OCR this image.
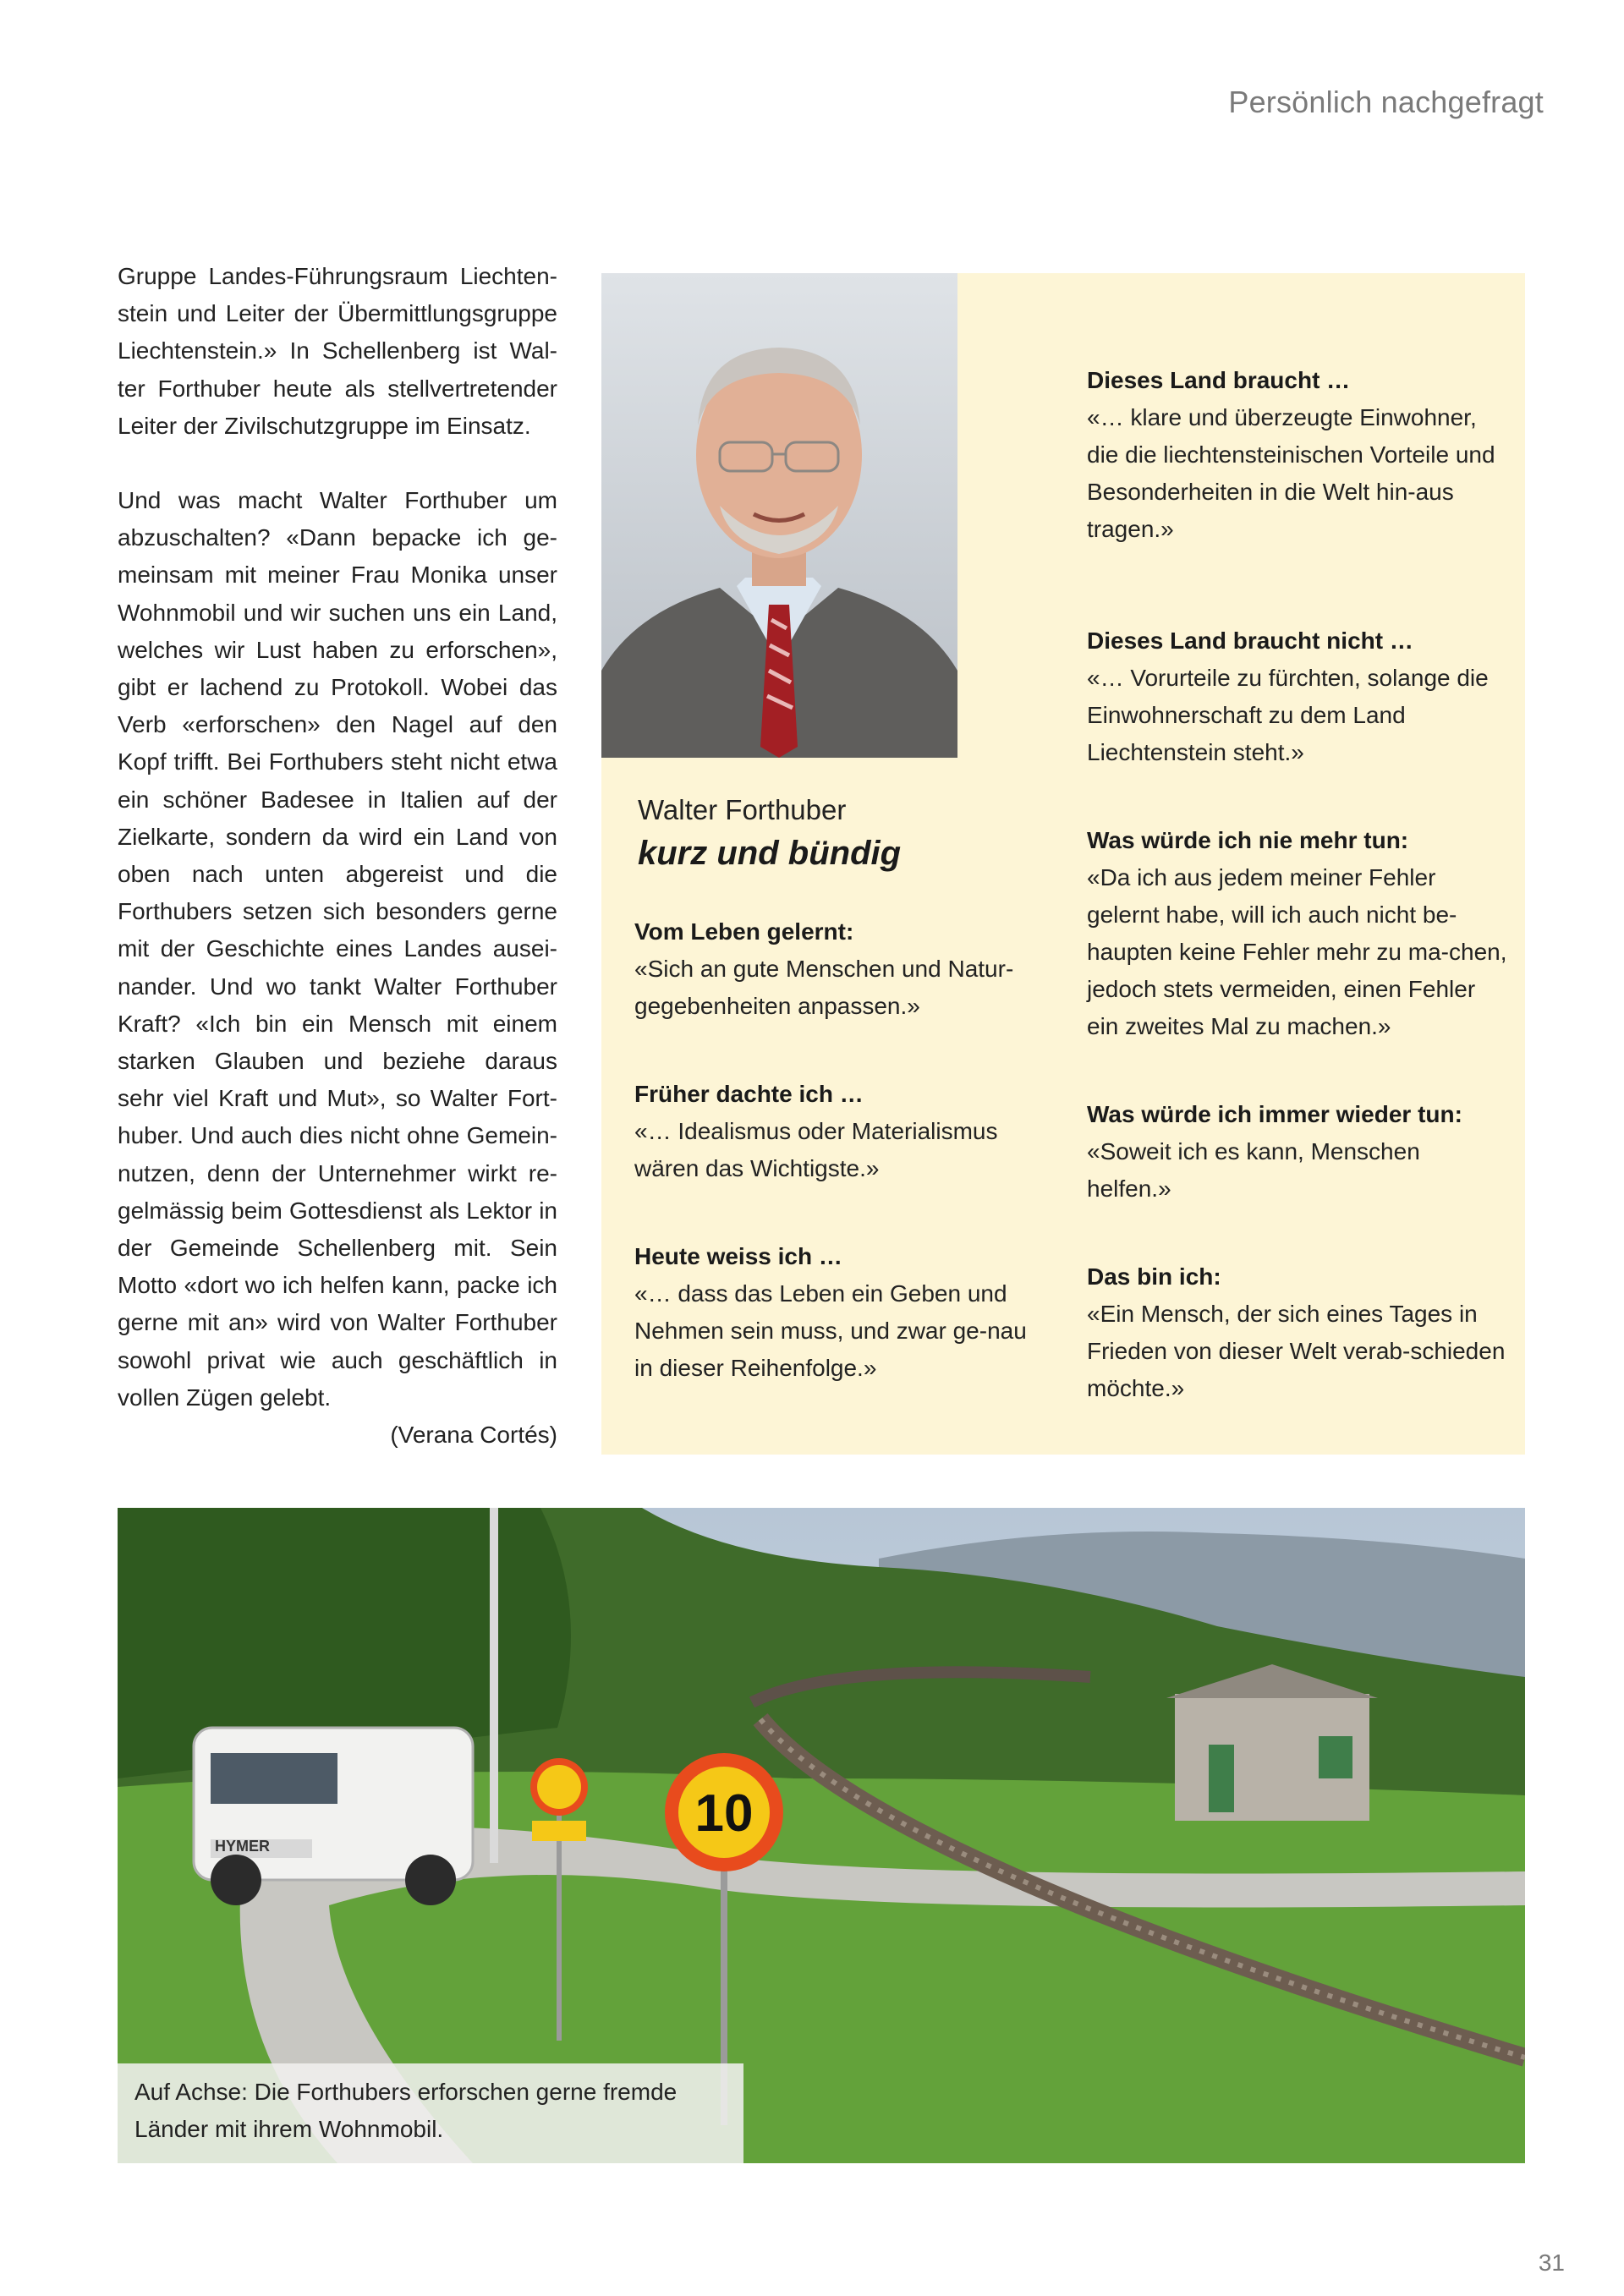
Persönlich nachgefragt

Gruppe Landes-Führungsraum Liechten-stein und Leiter der Übermittlungsgruppe Liechtenstein.» In Schellenberg ist Wal-ter Forthuber heute als stellvertretender Leiter der Zivilschutzgruppe im Einsatz.

Und was macht Walter Forthuber um abzuschalten? «Dann bepacke ich ge-meinsam mit meiner Frau Monika unser Wohnmobil und wir suchen uns ein Land, welches wir Lust haben zu erforschen», gibt er lachend zu Protokoll. Wobei das Verb «erforschen» den Nagel auf den Kopf trifft. Bei Forthubers steht nicht etwa ein schöner Badesee in Italien auf der Zielkarte, sondern da wird ein Land von oben nach unten abgereist und die Forthubers setzen sich besonders gerne mit der Geschichte eines Landes ausei-nander. Und wo tankt Walter Forthuber Kraft? «Ich bin ein Mensch mit einem starken Glauben und beziehe daraus sehr viel Kraft und Mut», so Walter Fort-huber. Und auch dies nicht ohne Gemein-nutzen, denn der Unternehmer wirkt re-gelmässig beim Gottesdienst als Lektor in der Gemeinde Schellenberg mit. Sein Motto «dort wo ich helfen kann, packe ich gerne mit an» wird von Walter Forthuber sowohl privat wie auch geschäftlich in vollen Zügen gelebt.

(Verana Cortés)
Walter Forthuber
kurz und bündig
Vom Leben gelernt:

«Sich an gute Menschen und Natur-gegebenheiten anpassen.»

Früher dachte ich …

«… Idealismus oder Materialismus wären das Wichtigste.»

Heute weiss ich …

«… dass das Leben ein Geben und Nehmen sein muss, und zwar ge-nau in dieser Reihenfolge.»

Dieses Land braucht …

«… klare und überzeugte Einwohner, die die liechtensteinischen Vorteile und Besonderheiten in die Welt hin-aus tragen.»

Dieses Land braucht nicht …

«… Vorurteile zu fürchten, solange die Einwohnerschaft zu dem Land Liechtenstein steht.»

Was würde ich nie mehr tun:

«Da ich aus jedem meiner Fehler gelernt habe, will ich auch nicht be-haupten keine Fehler mehr zu ma-chen, jedoch stets vermeiden, einen Fehler ein zweites Mal zu machen.»

Was würde ich immer wieder tun:

«Soweit ich es kann, Menschen helfen.»

Das bin ich:

«Ein Mensch, der sich eines Tages in Frieden von dieser Welt verab-schieden möchte.»

HYMER
10
Auf Achse: Die Forthubers erforschen gerne fremde
Länder mit ihrem Wohnmobil.
31
